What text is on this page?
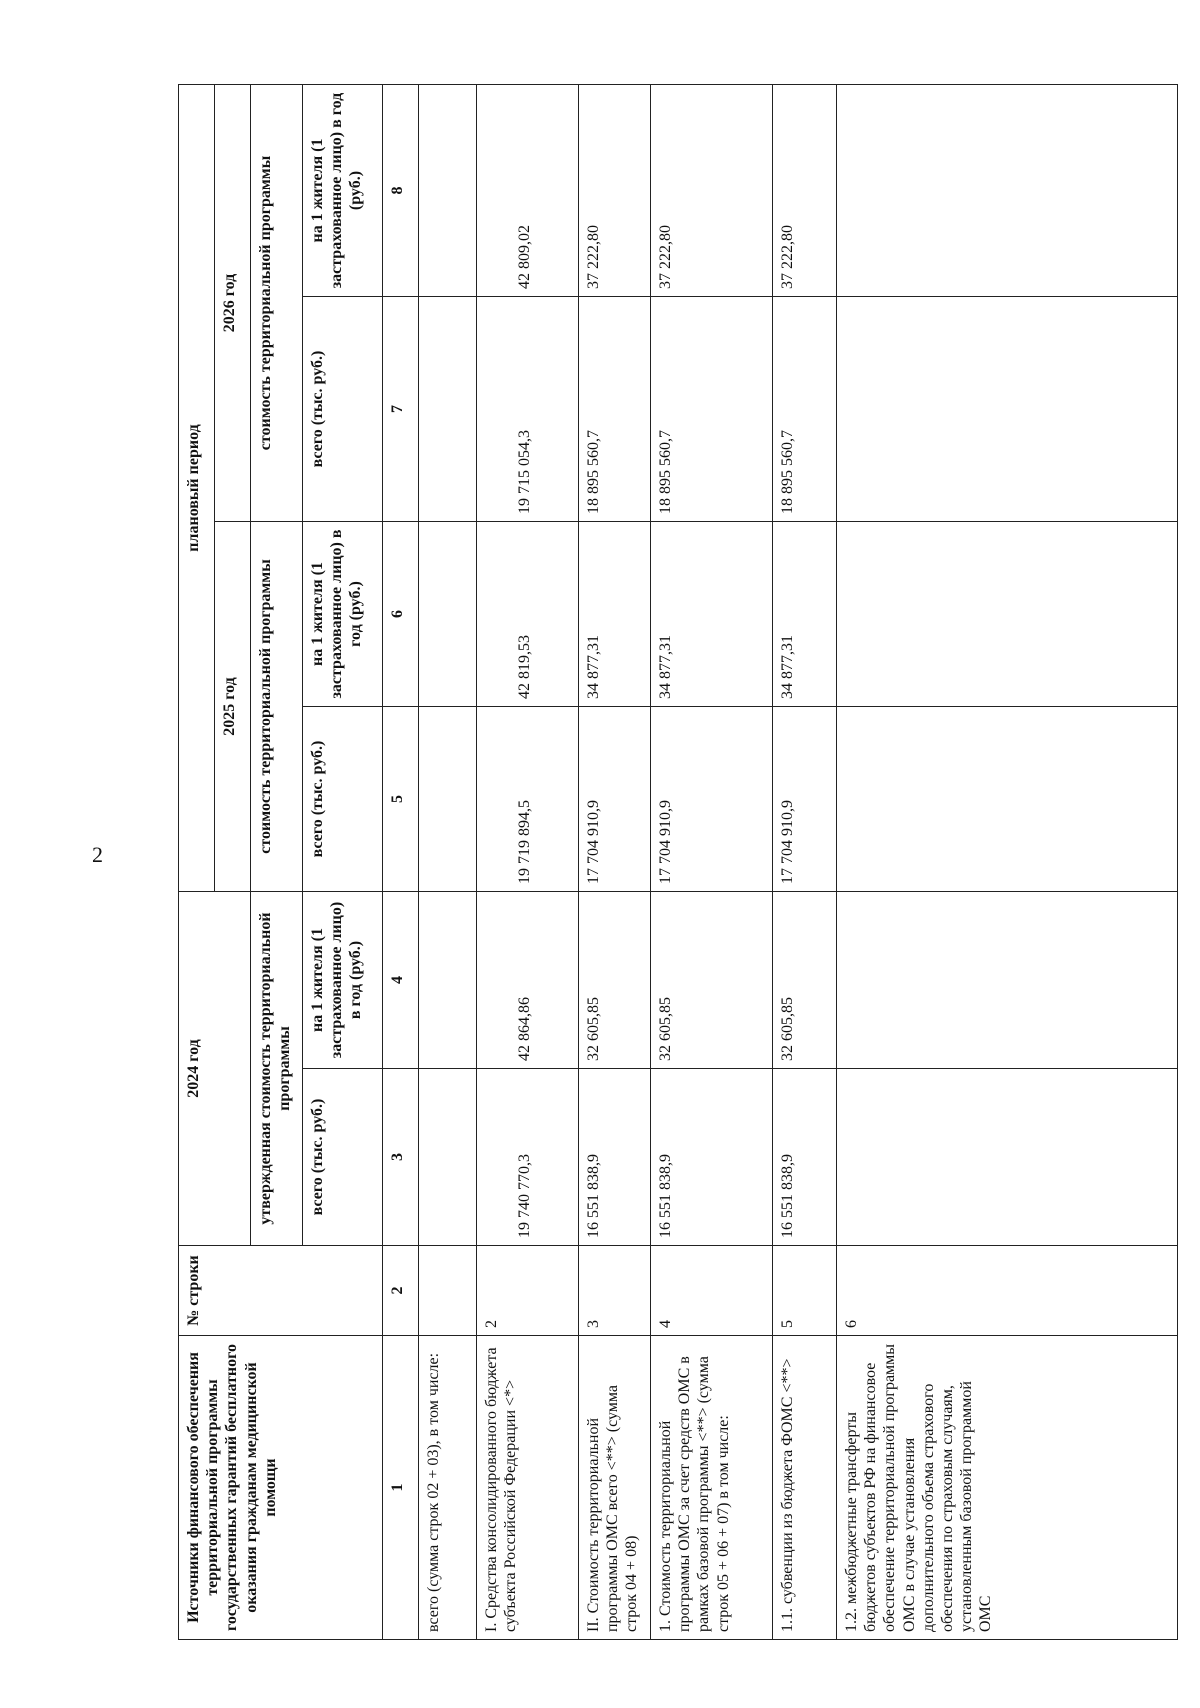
2
Источники финансового обеспечения территориальной программы государственных гарантий бесплатного оказания гражданам медицинской помощи	№ строки	2024 год		плановый период			
				2025 год		2026 год	
		утвержденная стоимость территориальной программы		стоимость территориальной программы		стоимость территориальной программы	
		всего (тыс. руб.)	на 1 жителя (1 застрахованное лицо) в год (руб.)	всего (тыс. руб.)	на 1 жителя (1 застрахованное лицо) в год (руб.)	всего (тыс. руб.)	на 1 жителя (1 застрахованное лицо) в год (руб.)
1	2	3	4	5	6	7	8
всего (сумма строк 02 + 03), в том числе:							
I. Средства консолидированного бюджета субъекта Российской Федерации <*>	2	19 740 770,3	42 864,86	19 719 894,5	42 819,53	19 715 054,3	42 809,02
II. Стоимость территориальной программы ОМС всего <**> (сумма строк 04 + 08)	3	16 551 838,9	32 605,85	17 704 910,9	34 877,31	18 895 560,7	37 222,80
1. Стоимость территориальной программы ОМС за счет средств ОМС в рамках базовой программы <**> (сумма строк 05 + 06 + 07) в том числе:	4	16 551 838,9	32 605,85	17 704 910,9	34 877,31	18 895 560,7	37 222,80
1.1. субвенции из бюджета ФОМС <**>	5	16 551 838,9	32 605,85	17 704 910,9	34 877,31	18 895 560,7	37 222,80
1.2. межбюджетные трансферты бюджетов субъектов РФ на финансовое обеспечение территориальной программы ОМС в случае установления дополнительного объема страхового обеспечения по страховым случаям, установленным базовой программой ОМС	6						
